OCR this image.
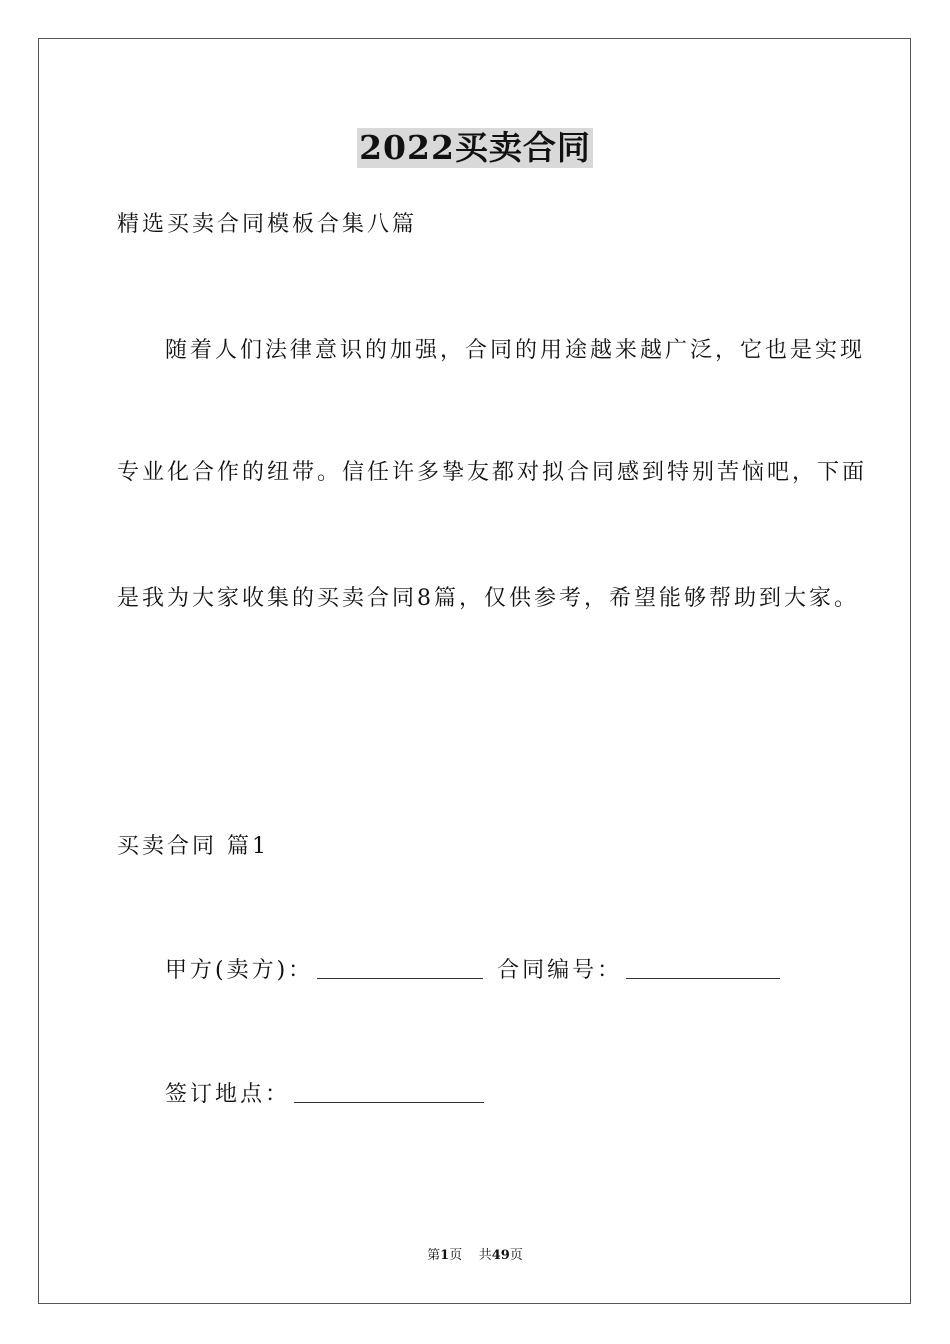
2022买卖合同
精选买卖合同模板合集八篇
随着人们法律意识的加强，合同的用途越来越广泛，它也是实现
专业化合作的纽带。信任许多挚友都对拟合同感到特别苦恼吧，下面
是我为大家收集的买卖合同8篇，仅供参考，希望能够帮助到大家。
买卖合同 篇1
甲方(卖方)：	合同编号：
签订地点：
第1页 共49页
